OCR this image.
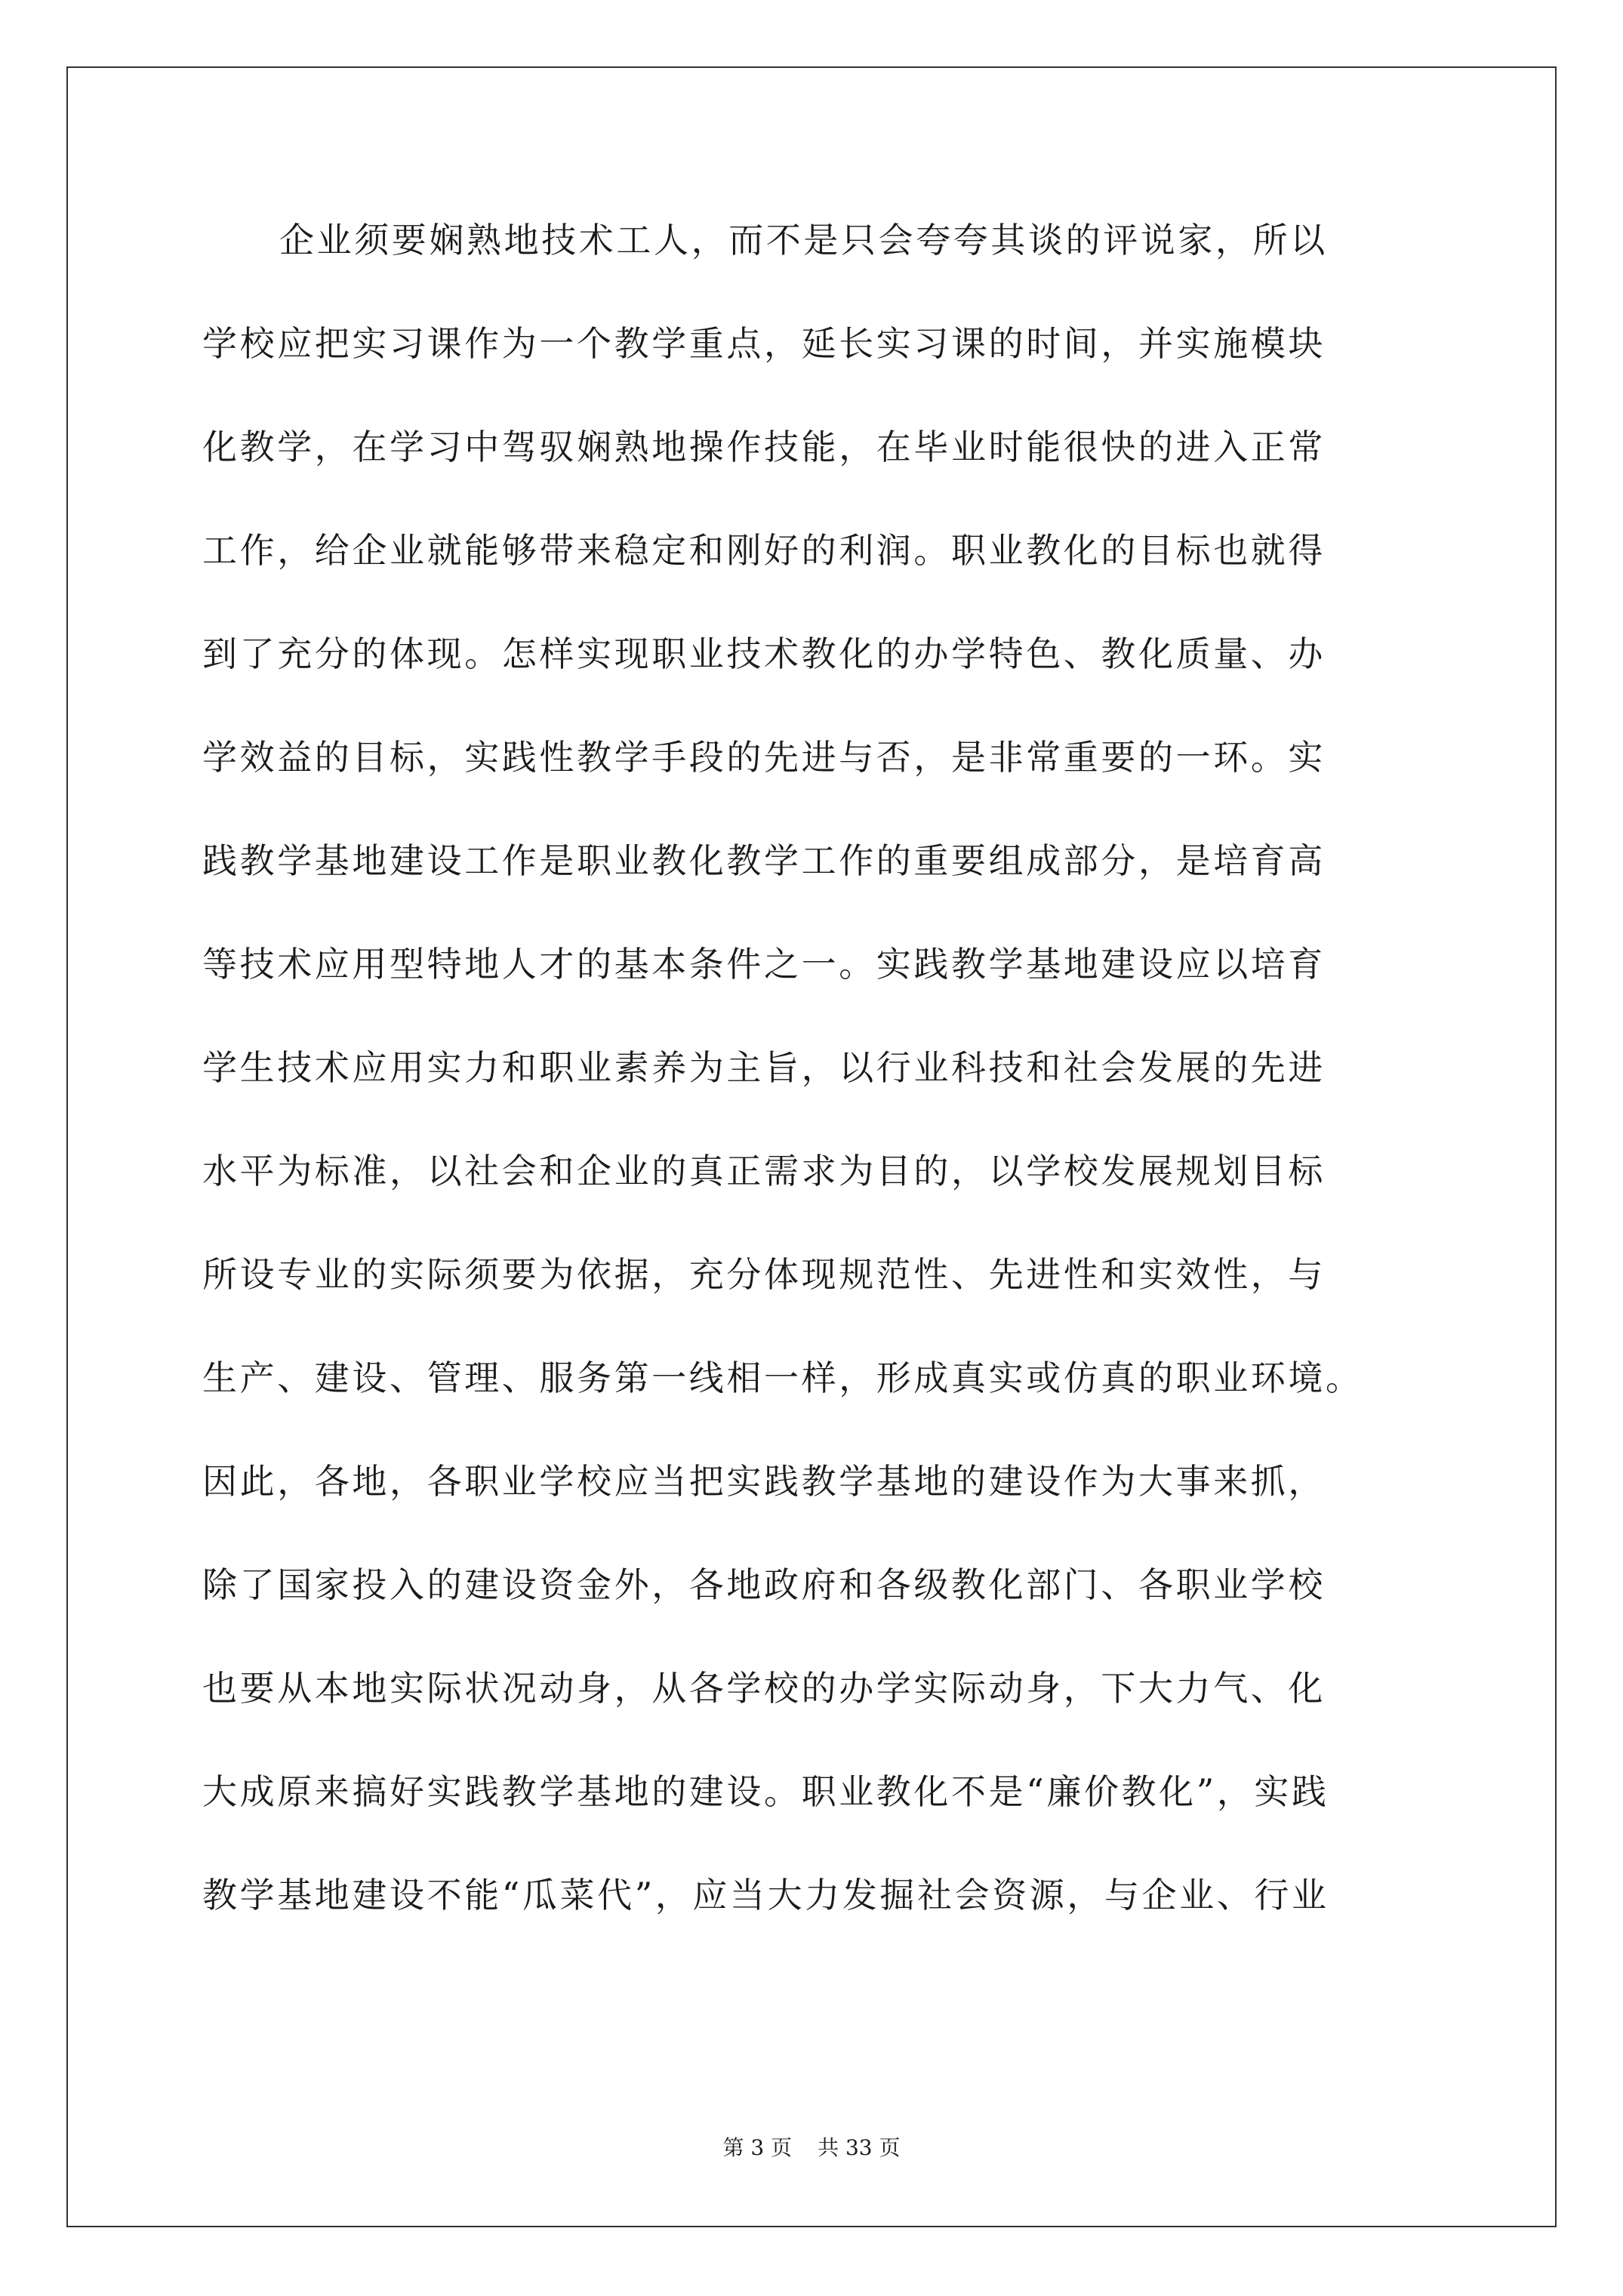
企业须要娴熟地技术工人，而不是只会夸夸其谈的评说家，所以
学校应把实习课作为一个教学重点，延长实习课的时间，并实施模块
化教学，在学习中驾驭娴熟地操作技能，在毕业时能很快的进入正常
工作，给企业就能够带来稳定和刚好的利润。职业教化的目标也就得
到了充分的体现。怎样实现职业技术教化的办学特色、教化质量、办
学效益的目标，实践性教学手段的先进与否，是非常重要的一环。实
践教学基地建设工作是职业教化教学工作的重要组成部分，是培育高
等技术应用型特地人才的基本条件之一。实践教学基地建设应以培育
学生技术应用实力和职业素养为主旨，以行业科技和社会发展的先进
水平为标准，以社会和企业的真正需求为目的，以学校发展规划目标
所设专业的实际须要为依据，充分体现规范性、先进性和实效性，与
生产、建设、管理、服务第一线相一样，形成真实或仿真的职业环境。
因此，各地，各职业学校应当把实践教学基地的建设作为大事来抓，
除了国家投入的建设资金外，各地政府和各级教化部门、各职业学校
也要从本地实际状况动身，从各学校的办学实际动身，下大力气、化
大成原来搞好实践教学基地的建设。职业教化不是“廉价教化”，实践
教学基地建设不能“瓜菜代”，应当大力发掘社会资源，与企业、行业
第 3 页 共 33 页
